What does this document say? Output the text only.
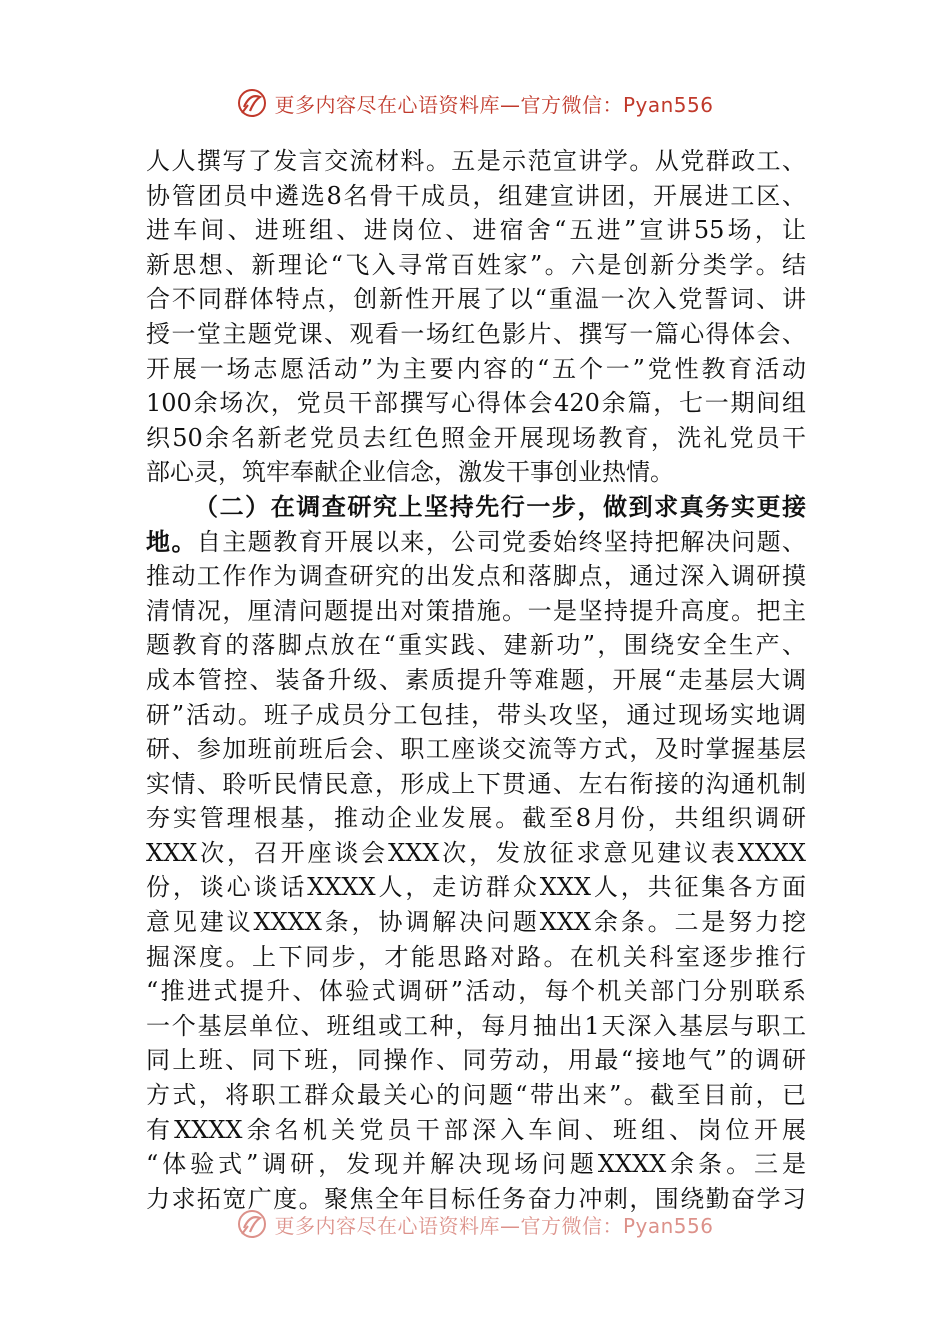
更多内容尽在心语资料库—官方微信：Pyan556
人人撰写了发言交流材料。五是示范宣讲学。从党群政工、
协管团员中遴选8名骨干成员，组建宣讲团，开展进工区、
进车间、进班组、进岗位、进宿舍“五进”宣讲55场，让
新思想、新理论“飞入寻常百姓家”。六是创新分类学。结
合不同群体特点，创新性开展了以“重温一次入党誓词、讲
授一堂主题党课、观看一场红色影片、撰写一篇心得体会、
开展一场志愿活动”为主要内容的“五个一”党性教育活动
100余场次，党员干部撰写心得体会420余篇，七一期间组
织50余名新老党员去红色照金开展现场教育，洗礼党员干
部心灵，筑牢奉献企业信念，激发干事创业热情。
（二）在调查研究上坚持先行一步，做到求真务实更接
地。自主题教育开展以来，公司党委始终坚持把解决问题、
推动工作作为调查研究的出发点和落脚点，通过深入调研摸
清情况，厘清问题提出对策措施。一是坚持提升高度。把主
题教育的落脚点放在“重实践、建新功”，围绕安全生产、
成本管控、装备升级、素质提升等难题，开展“走基层大调
研”活动。班子成员分工包挂，带头攻坚，通过现场实地调
研、参加班前班后会、职工座谈交流等方式，及时掌握基层
实情、聆听民情民意，形成上下贯通、左右衔接的沟通机制
夯实管理根基，推动企业发展。截至8月份，共组织调研
XXX次，召开座谈会XXX次，发放征求意见建议表XXXX
份，谈心谈话XXXX人，走访群众XXX人，共征集各方面
意见建议XXXX条，协调解决问题XXX余条。二是努力挖
掘深度。上下同步，才能思路对路。在机关科室逐步推行
“推进式提升、体验式调研”活动，每个机关部门分别联系
一个基层单位、班组或工种，每月抽出1天深入基层与职工
同上班、同下班，同操作、同劳动，用最“接地气”的调研
方式，将职工群众最关心的问题“带出来”。截至目前，已
有XXXX余名机关党员干部深入车间、班组、岗位开展
“体验式”调研，发现并解决现场问题XXXX余条。三是
力求拓宽广度。聚焦全年目标任务奋力冲刺，围绕勤奋学习
更多内容尽在心语资料库—官方微信：Pyan556
